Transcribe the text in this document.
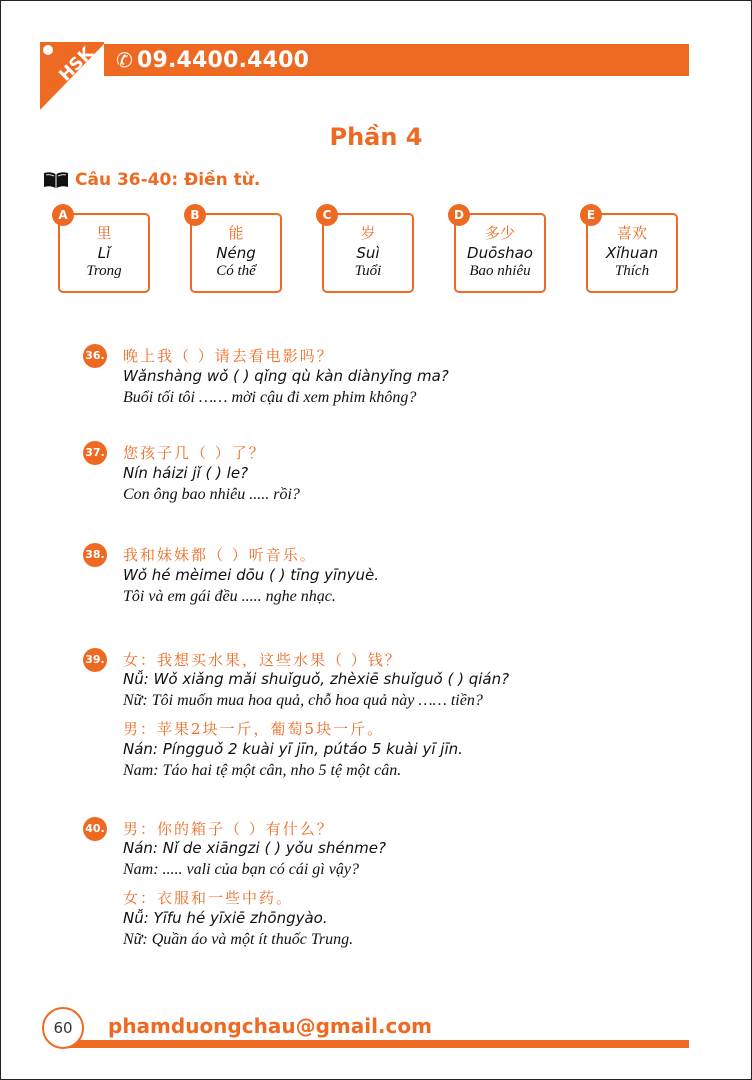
HSK ✆ 09.4400.4400
Phần 4
Câu 36-40: Điền từ.
A
里
Lǐ
Trong
B
能
Néng
Có thể
C
岁
Suì
Tuổi
D
多少
Duōshao
Bao nhiêu
E
喜欢
Xǐhuan
Thích
36. 晚上我（ ）请去看电影吗？
Wǎnshàng wǒ ( ) qǐng qù kàn diànyǐng ma?
Buổi tối tôi …… mời cậu đi xem phim không?
37. 您孩子几（ ）了？
Nín háizi jǐ ( ) le?
Con ông bao nhiêu ..... rồi?
38. 我和妹妹都（ ）听音乐。
Wǒ hé mèimei dōu ( ) tīng yīnyuè.
Tôi và em gái đều ..... nghe nhạc.
39. 女：我想买水果，这些水果（ ）钱？
Nǚ: Wǒ xiǎng mǎi shuǐguǒ, zhèxiē shuǐguǒ ( ) qián?
Nữ: Tôi muốn mua hoa quả, chỗ hoa quả này …… tiền?
男：苹果2块一斤，葡萄5块一斤。
Nán: Píngguǒ 2 kuài yī jīn, pútáo 5 kuài yī jīn.
Nam: Táo hai tệ một cân, nho 5 tệ một cân.
40. 男：你的箱子（ ）有什么？
Nán: Nǐ de xiāngzi ( ) yǒu shénme?
Nam: ..... vali của bạn có cái gì vậy?
女：衣服和一些中药。
Nǚ: Yīfu hé yīxiē zhōngyào.
Nữ: Quần áo và một ít thuốc Trung.
60	phamduongchau@gmail.com
